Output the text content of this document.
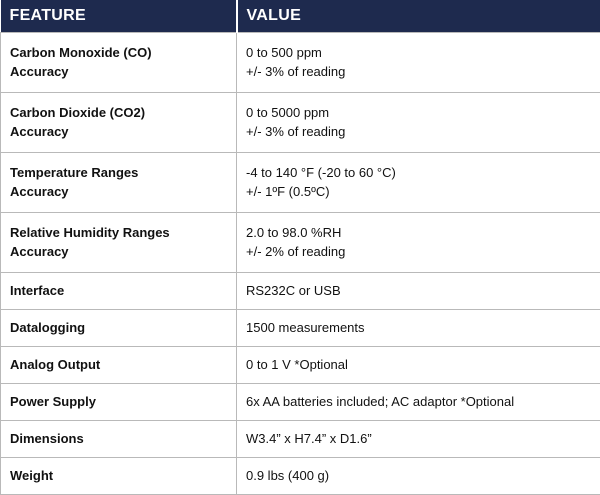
FEATURE	VALUE

Carbon Monoxide (CO)
Accuracy	0 to 500 ppm
+/- 3% of reading

Carbon Dioxide (CO2)
Accuracy	0 to 5000 ppm
+/- 3% of reading

Temperature Ranges
Accuracy	-4 to 140 °F (-20 to 60 °C)
+/- 1ºF (0.5ºC)

Relative Humidity Ranges
Accuracy	2.0 to 98.0 %RH
+/- 2% of reading

Interface	RS232C or USB
Datalogging	1500 measurements
Analog Output	0 to 1 V *Optional
Power Supply	6x AA batteries included; AC adaptor *Optional
Dimensions	W3.4” x H7.4” x D1.6”
Weight	0.9 lbs (400 g)
